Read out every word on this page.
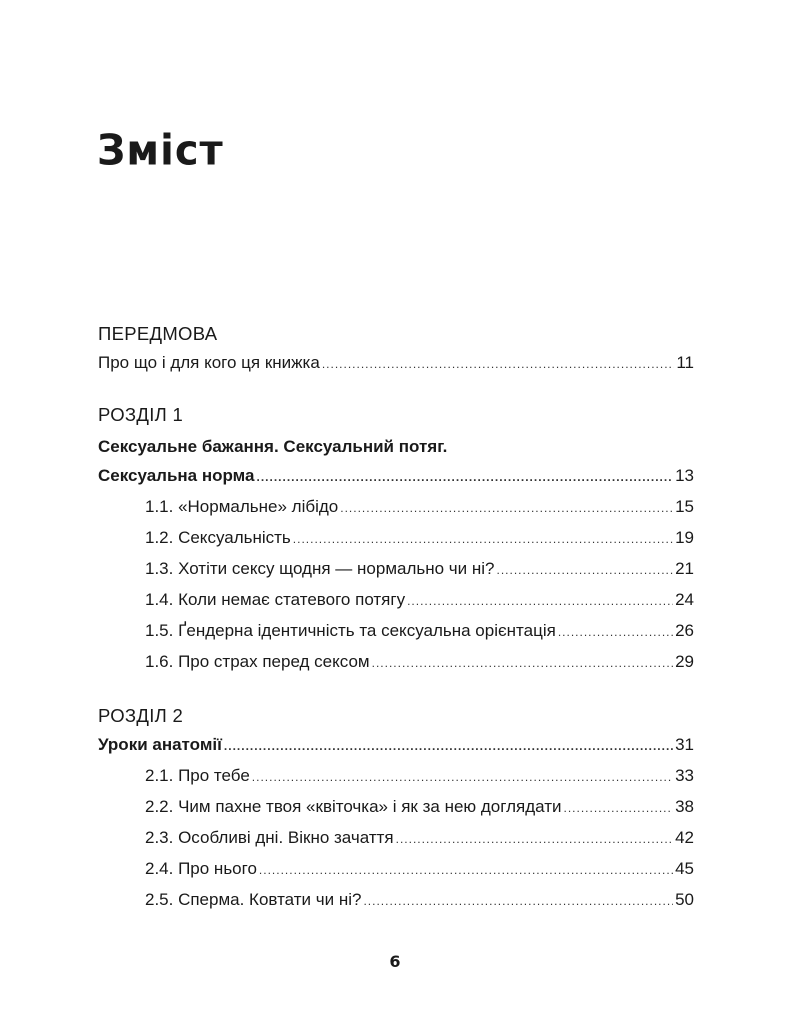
Зміст

ПЕРЕДМОВА

Про що і для кого ця книжка .....	11

РОЗДІЛ 1

Сексуальне бажання. Сексуальний потяг.

Сексуальна норма .....	13
1.1. «Нормальне» лібідо .....	15
1.2. Сексуальність .....	19
1.3. Хотіти сексу щодня — нормально чи ні? .....	21
1.4. Коли немає статевого потягу .....	24
1.5. Ґендерна ідентичність та сексуальна орієнтація .....	26
1.6. Про страх перед сексом .....	29

РОЗДІЛ 2

Уроки анатомії .....	31
2.1. Про тебе .....	33
2.2. Чим пахне твоя «квіточка» і як за нею доглядати .....	38
2.3. Особливі дні. Вікно зачаття .....	42
2.4. Про нього .....	45
2.5. Сперма. Ковтати чи ні? .....	50
6
